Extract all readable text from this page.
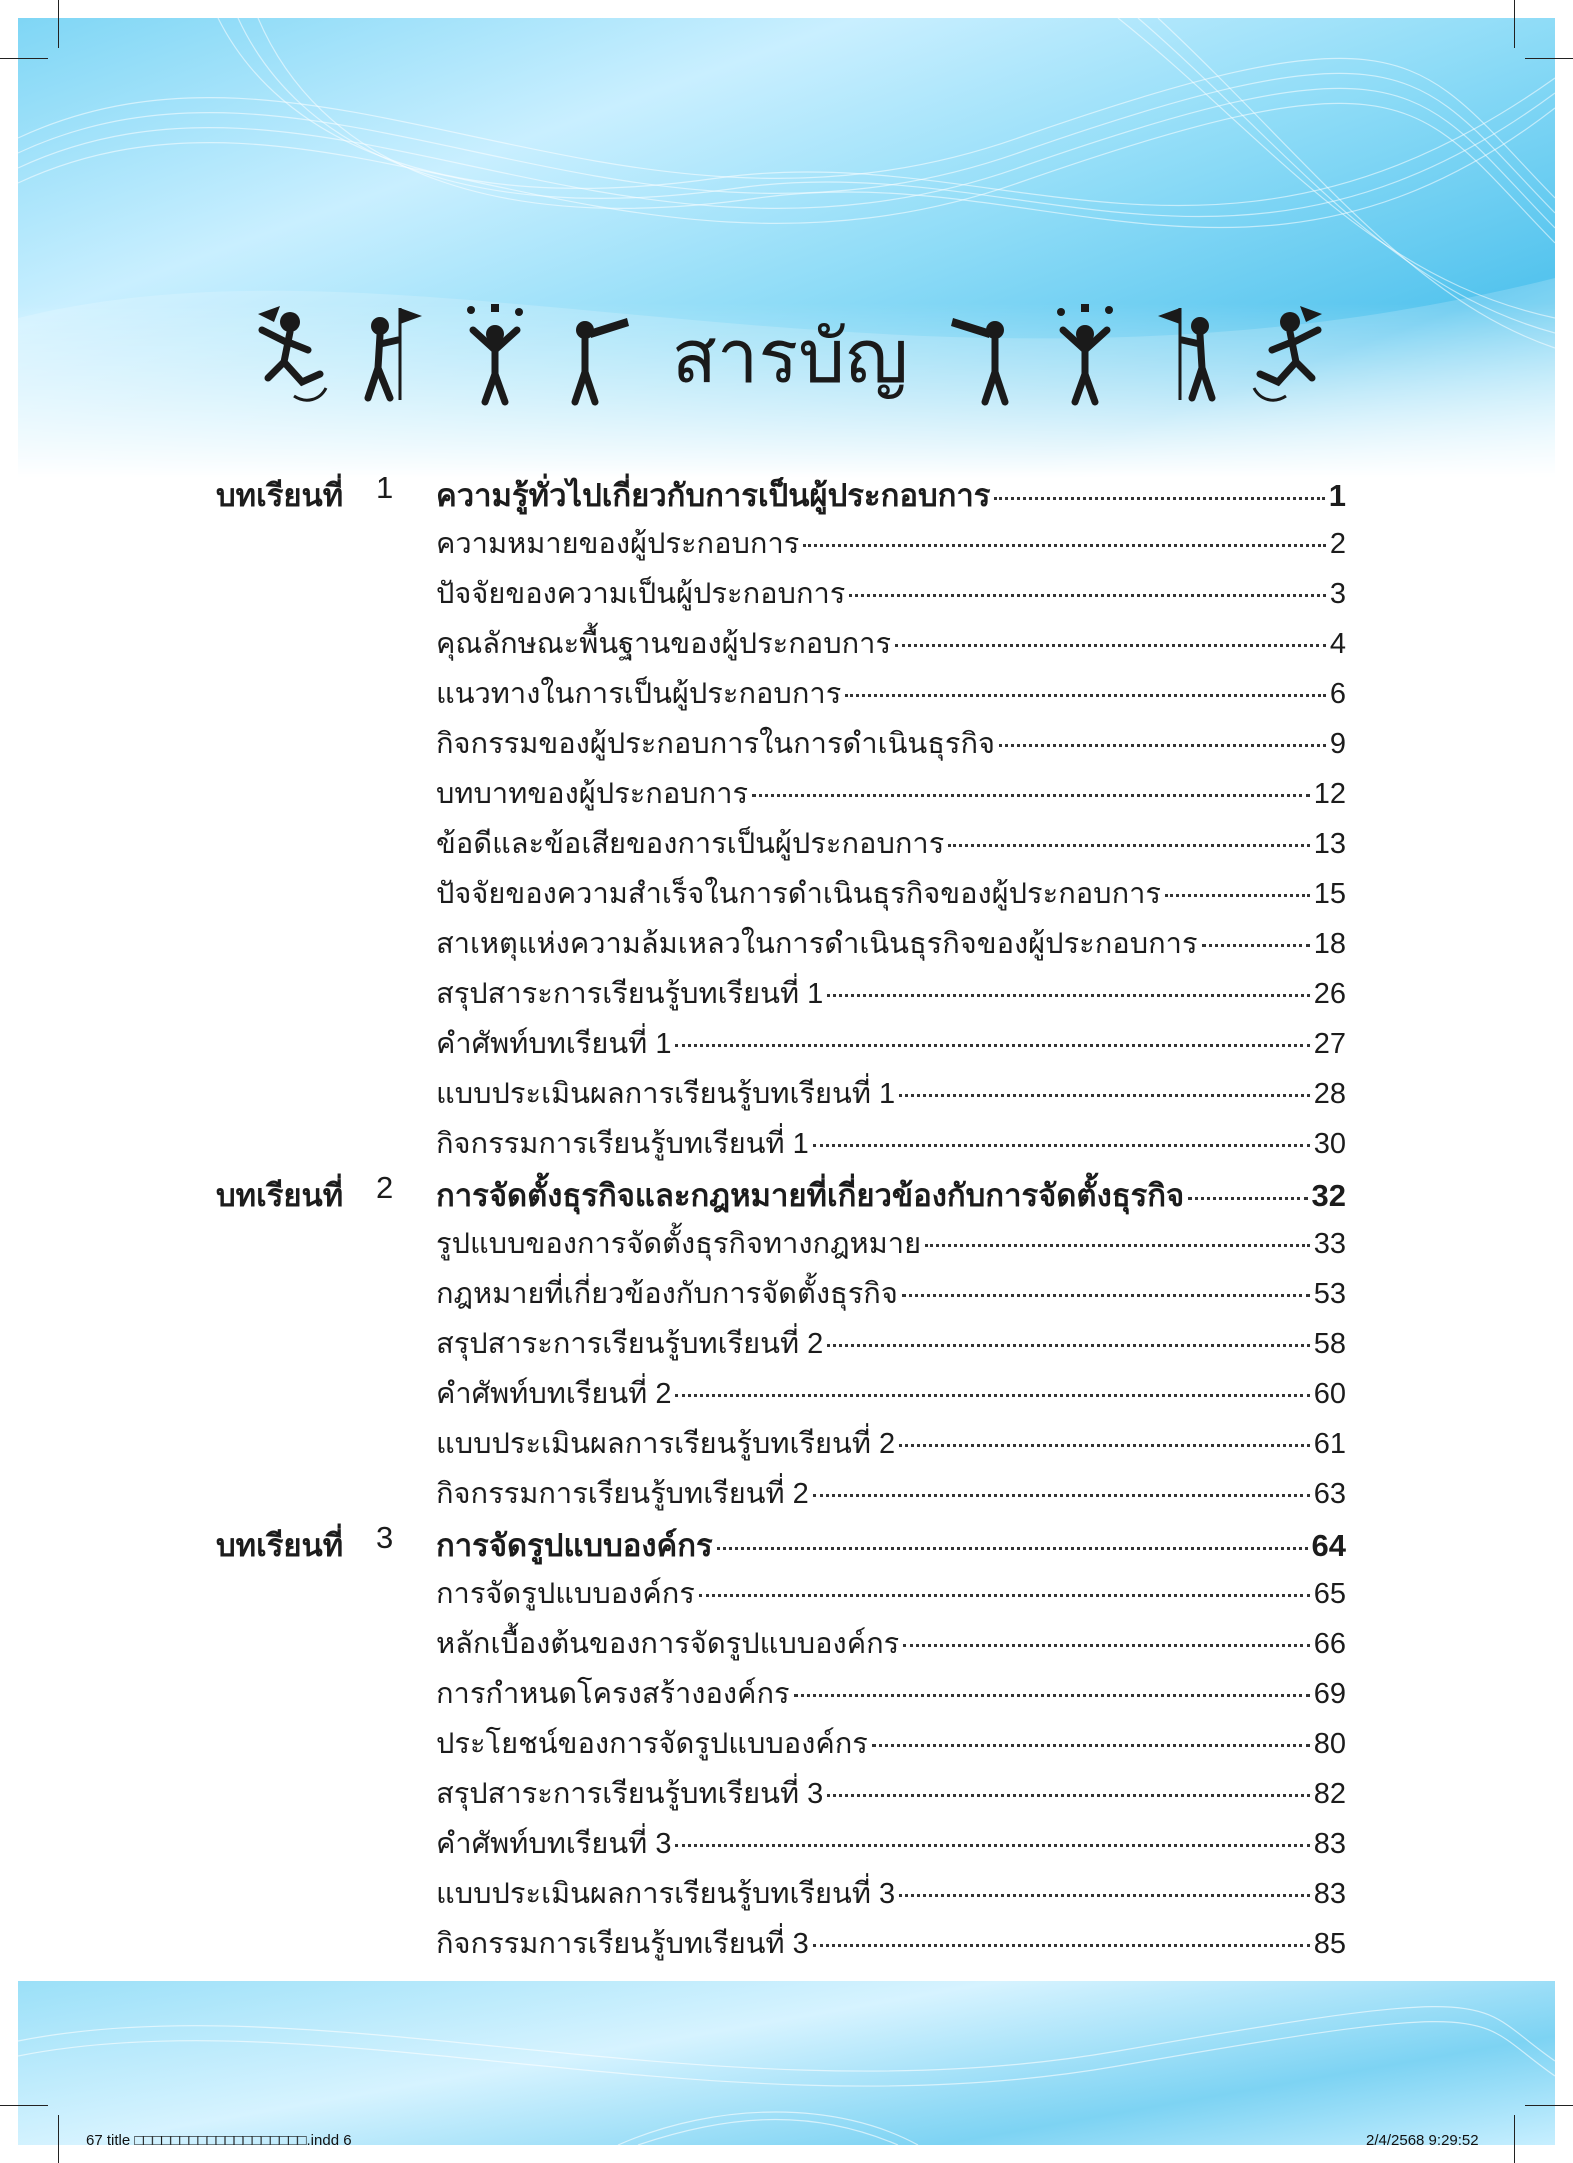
สารบัญ
บทเรียนที่ 1 ความรู้ทั่วไปเกี่ยวกับการเป็นผู้ประกอบการ	1
ความหมายของผู้ประกอบการ	2
ปัจจัยของความเป็นผู้ประกอบการ	3
คุณลักษณะพื้นฐานของผู้ประกอบการ	4
แนวทางในการเป็นผู้ประกอบการ	6
กิจกรรมของผู้ประกอบการในการดำเนินธุรกิจ	9
บทบาทของผู้ประกอบการ	12
ข้อดีและข้อเสียของการเป็นผู้ประกอบการ	13
ปัจจัยของความสำเร็จในการดำเนินธุรกิจของผู้ประกอบการ	15
สาเหตุแห่งความล้มเหลวในการดำเนินธุรกิจของผู้ประกอบการ	18
สรุปสาระการเรียนรู้บทเรียนที่ 1	26
คำศัพท์บทเรียนที่ 1	27
แบบประเมินผลการเรียนรู้บทเรียนที่ 1	28
กิจกรรมการเรียนรู้บทเรียนที่ 1	30
บทเรียนที่ 2 การจัดตั้งธุรกิจและกฎหมายที่เกี่ยวข้องกับการจัดตั้งธุรกิจ	32
รูปแบบของการจัดตั้งธุรกิจทางกฎหมาย	33
กฎหมายที่เกี่ยวข้องกับการจัดตั้งธุรกิจ	53
สรุปสาระการเรียนรู้บทเรียนที่ 2	58
คำศัพท์บทเรียนที่ 2	60
แบบประเมินผลการเรียนรู้บทเรียนที่ 2	61
กิจกรรมการเรียนรู้บทเรียนที่ 2	63
บทเรียนที่ 3 การจัดรูปแบบองค์กร	64
การจัดรูปแบบองค์กร	65
หลักเบื้องต้นของการจัดรูปแบบองค์กร	66
การกำหนดโครงสร้างองค์กร	69
ประโยชน์ของการจัดรูปแบบองค์กร	80
สรุปสาระการเรียนรู้บทเรียนที่ 3	82
คำศัพท์บทเรียนที่ 3	83
แบบประเมินผลการเรียนรู้บทเรียนที่ 3	83
กิจกรรมการเรียนรู้บทเรียนที่ 3	85
67 title □□□□□□□□□□□□□□□□□□□.indd 6	2/4/2568 9:29:52
